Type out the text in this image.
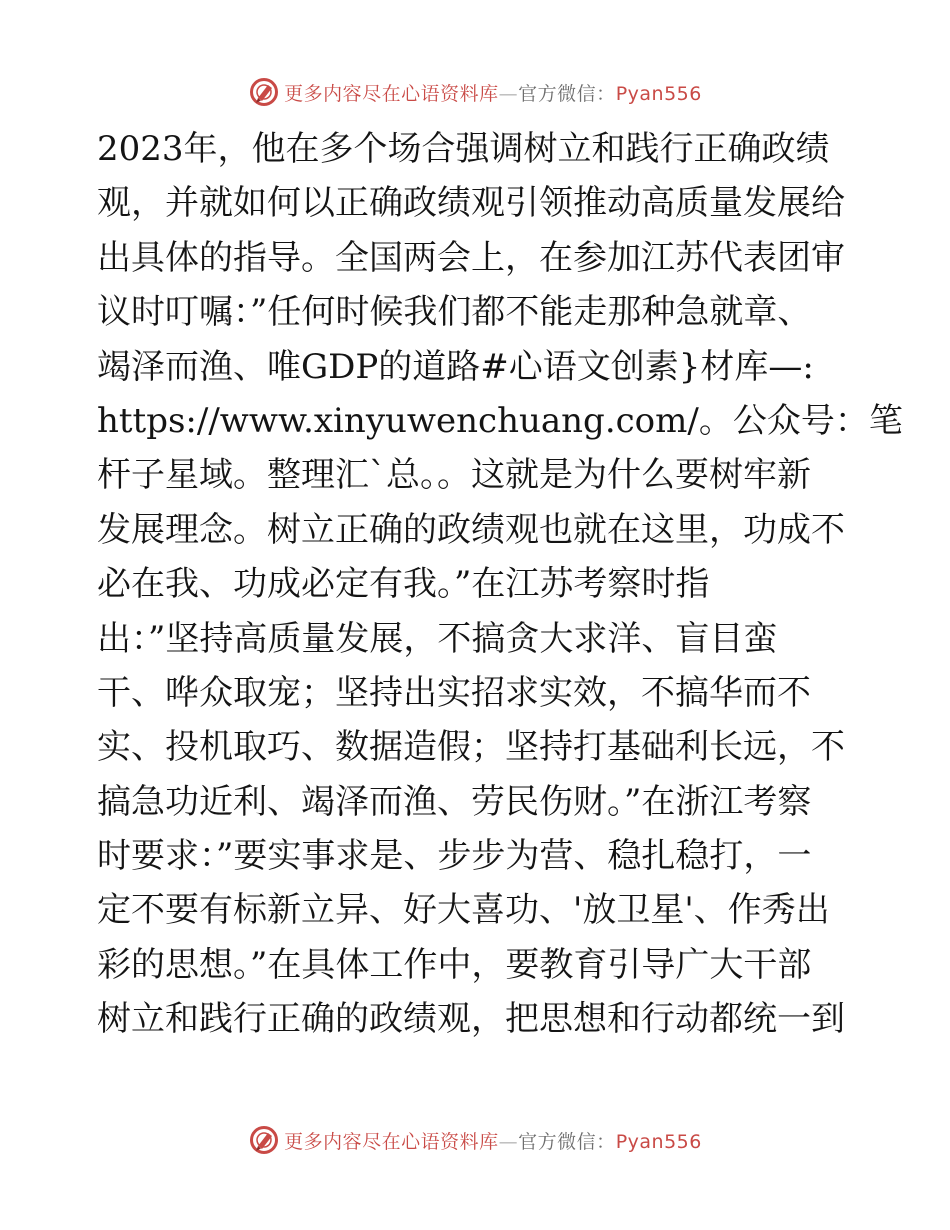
更多内容尽在心语资料库—官方微信：Pyan556
2023年，他在多个场合强调树立和践行正确政绩
观，并就如何以正确政绩观引领推动高质量发展给
出具体的指导。全国两会上，在参加江苏代表团审
议时叮嘱：”任何时候我们都不能走那种急就章、
竭泽而渔、唯GDP的道路#心语文创素}材库—:
https://www.xinyuwenchuang.com/。公众号：笔
杆子星域。整理汇`总。。这就是为什么要树牢新
发展理念。树立正确的政绩观也就在这里，功成不
必在我、功成必定有我。”在江苏考察时指
出：”坚持高质量发展，不搞贪大求洋、盲目蛮
干、哗众取宠；坚持出实招求实效，不搞华而不
实、投机取巧、数据造假；坚持打基础利长远，不
搞急功近利、竭泽而渔、劳民伤财。”在浙江考察
时要求：”要实事求是、步步为营、稳扎稳打，一
定不要有标新立异、好大喜功、'放卫星'、作秀出
彩的思想。”在具体工作中，要教育引导广大干部
树立和践行正确的政绩观，把思想和行动都统一到
更多内容尽在心语资料库—官方微信：Pyan556
